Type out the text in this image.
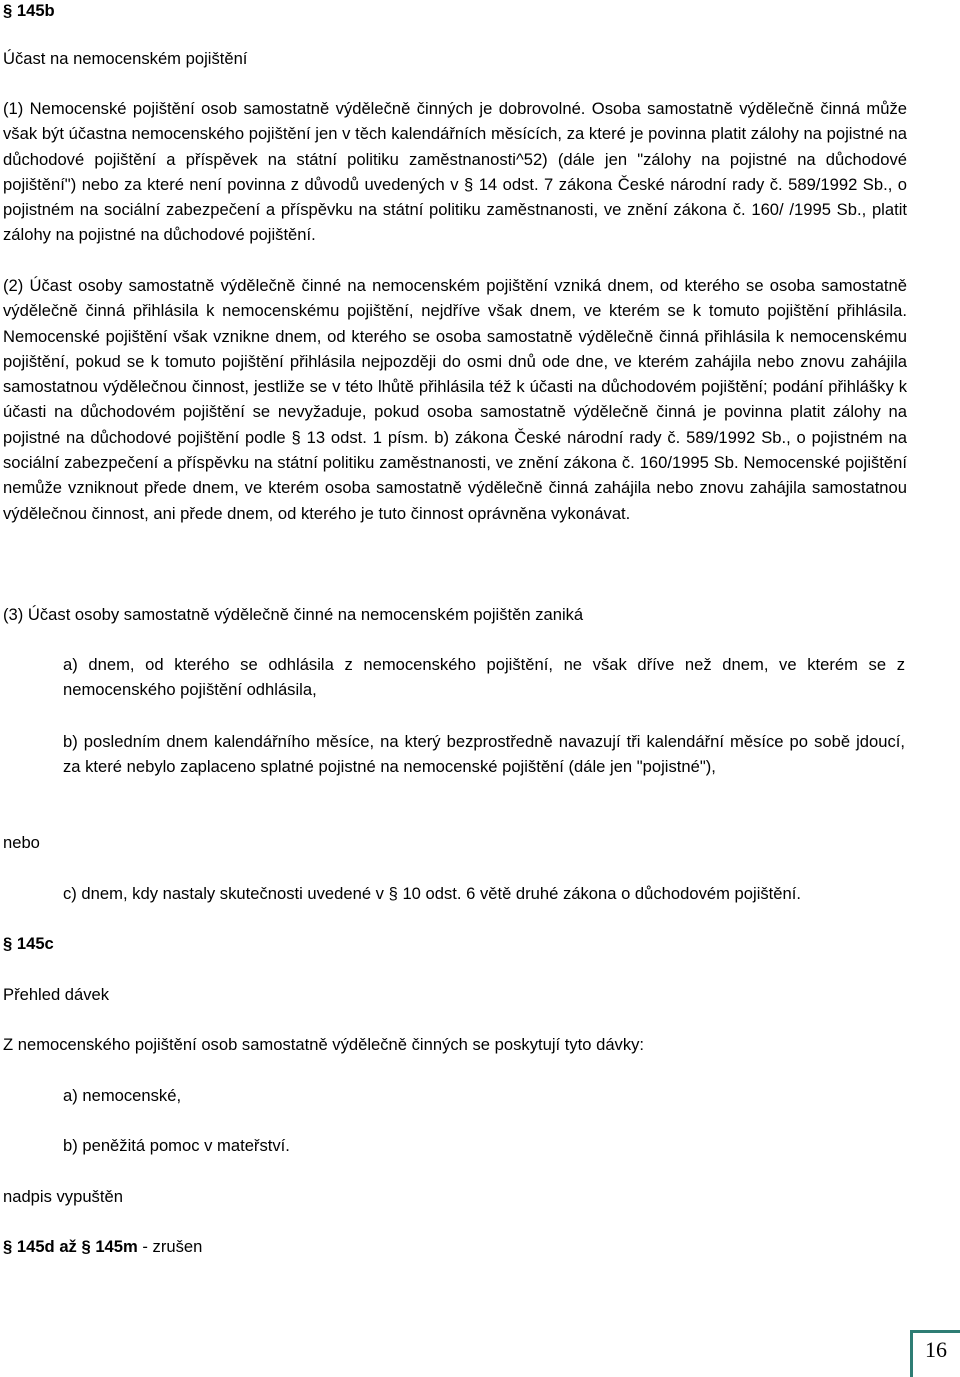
§ 145b
Účast na nemocenském pojištění

(1) Nemocenské pojištění osob samostatně výdělečně činných je dobrovolné. Osoba samostatně výdělečně činná může však být účastna nemocenského pojištění jen v těch kalendářních měsících, za které je povinna platit zálohy na pojistné na důchodové pojištění a příspěvek na státní politiku zaměstnanosti^52) (dále jen "zálohy na pojistné na důchodové pojištění") nebo za které není povinna z důvodů uvedených v § 14 odst. 7 zákona České národní rady č. 589/1992 Sb., o pojistném na sociální zabezpečení a příspěvku na státní politiku zaměstnanosti, ve znění zákona č. 160/ /1995 Sb., platit zálohy na pojistné na důchodové pojištění.

(2) Účast osoby samostatně výdělečně činné na nemocenském pojištění vzniká dnem, od kterého se osoba samostatně výdělečně činná přihlásila k nemocenskému pojištění, nejdříve však dnem, ve kterém se k tomuto pojištění přihlásila. Nemocenské pojištění však vznikne dnem, od kterého se osoba samostatně výdělečně činná přihlásila k nemocenskému pojištění, pokud se k tomuto pojištění přihlásila nejpozději do osmi dnů ode dne, ve kterém zahájila nebo znovu zahájila samostatnou výdělečnou činnost, jestliže se v této lhůtě přihlásila též k účasti na důchodovém pojištění; podání přihlášky k účasti na důchodovém pojištění se nevyžaduje, pokud osoba samostatně výdělečně činná je povinna platit zálohy na pojistné na důchodové pojištění podle § 13 odst. 1 písm. b) zákona České národní rady č. 589/1992 Sb., o pojistném na sociální zabezpečení a příspěvku na státní politiku zaměstnanosti, ve znění zákona č. 160/1995 Sb. Nemocenské pojištění nemůže vzniknout přede dnem, ve kterém osoba samostatně výdělečně činná zahájila nebo znovu zahájila samostatnou výdělečnou činnost, ani přede dnem, od kterého je tuto činnost oprávněna vykonávat.

(3) Účast osoby samostatně výdělečně činné na nemocenském pojištěn zaniká

a) dnem, od kterého se odhlásila z nemocenského pojištění, ne však dříve než dnem, ve kterém se z nemocenského pojištění odhlásila,

b) posledním dnem kalendářního měsíce, na který bezprostředně navazují tři kalendářní měsíce po sobě jdoucí, za které nebylo zaplaceno splatné pojistné na nemocenské pojištění (dále jen "pojistné"),

nebo

c) dnem, kdy nastaly skutečnosti uvedené v § 10 odst. 6 větě druhé zákona o důchodovém pojištění.

§ 145c
Přehled dávek

Z nemocenského pojištění osob samostatně výdělečně činných se poskytují tyto dávky:

a) nemocenské,

b) peněžitá pomoc v mateřství.

nadpis vypuštěn

§ 145d až § 145m - zrušen
16
